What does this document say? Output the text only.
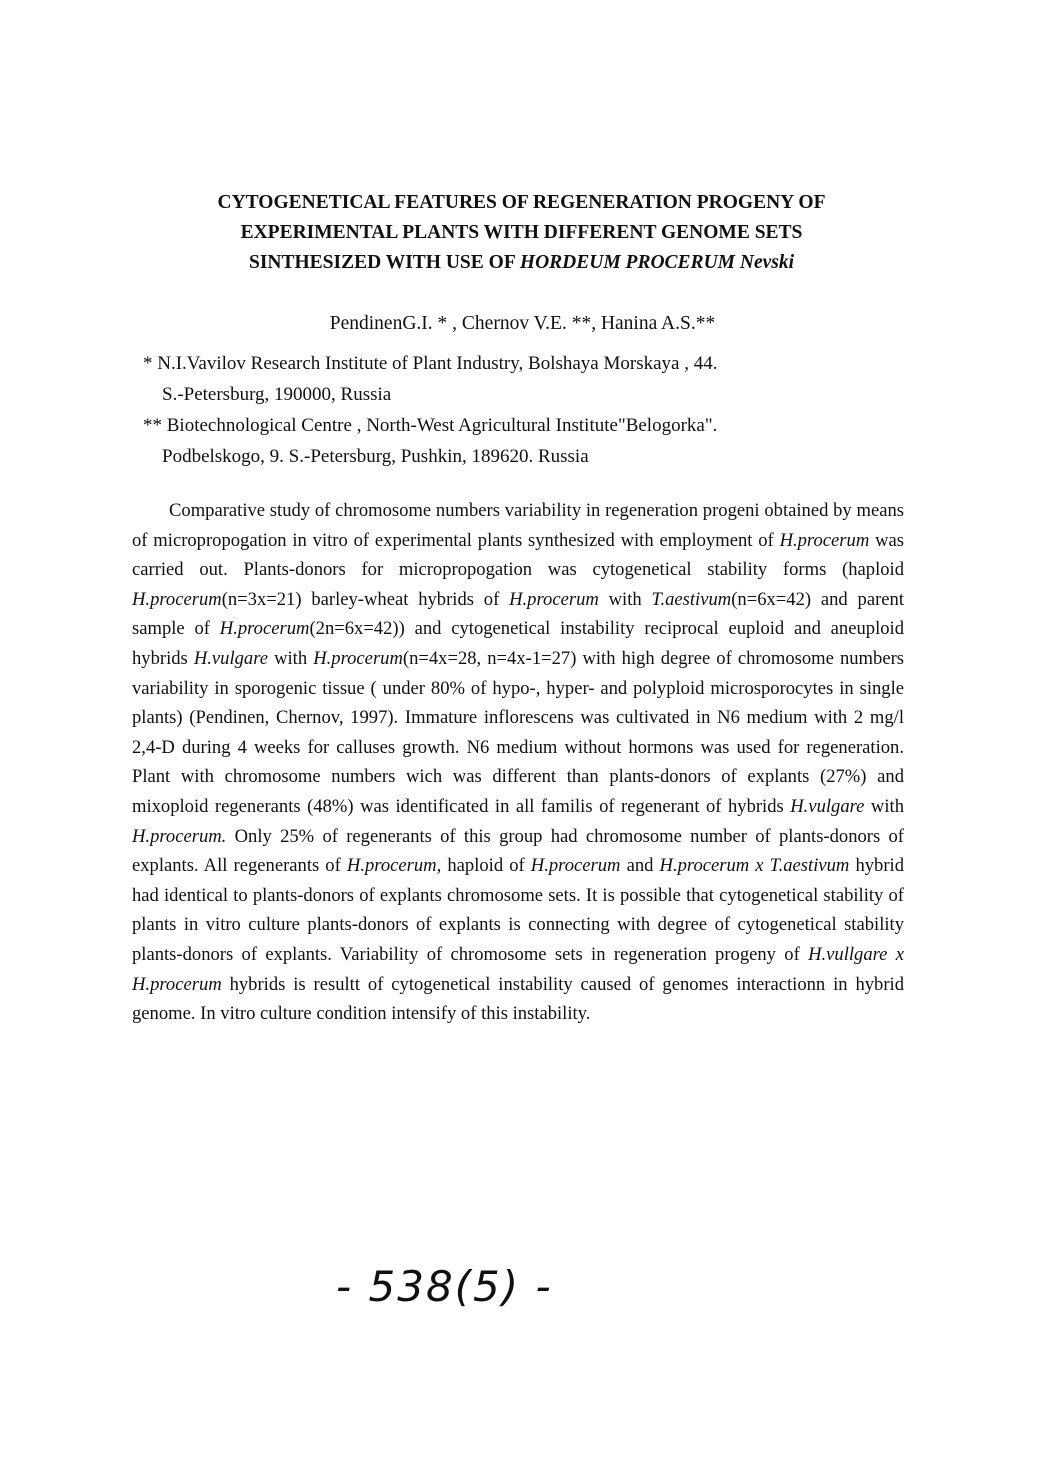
CYTOGENETICAL FEATURES OF REGENERATION PROGENY OF
EXPERIMENTAL PLANTS WITH DIFFERENT GENOME SETS
SINTHESIZED WITH USE OF HORDEUM PROCERUM Nevski
PendinenG.I. * , Chernov V.E. **, Hanina A.S.**
* N.I.Vavilov Research Institute of Plant Industry, Bolshaya Morskaya , 44.
S.-Petersburg, 190000, Russia
** Biotechnological Centre , North-West Agricultural Institute"Belogorka".
Podbelskogo, 9. S.-Petersburg, Pushkin, 189620. Russia
Comparative study of chromosome numbers variability in regeneration progeni obtained by means of micropropogation in vitro of experimental plants synthesized with employment of H.procerum was carried out. Plants-donors for micropropogation was cytogenetical stability forms (haploid H.procerum(n=3x=21) barley-wheat hybrids of H.procerum with T.aestivum(n=6x=42) and parent sample of H.procerum(2n=6x=42)) and cytogenetical instability reciprocal euploid and aneuploid hybrids H.vulgare with H.procerum(n=4x=28, n=4x-1=27) with high degree of chromosome numbers variability in sporogenic tissue ( under 80% of hypo-, hyper- and polyploid microsporocytes in single plants) (Pendinen, Chernov, 1997). Immature inflorescens was cultivated in N6 medium with 2 mg/l 2,4-D during 4 weeks for calluses growth. N6 medium without hormons was used for regeneration. Plant with chromosome numbers wich was different than plants-donors of explants (27%) and mixoploid regenerants (48%) was identificated in all familis of regenerant of hybrids H.vulgare with H.procerum. Only 25% of regenerants of this group had chromosome number of plants-donors of explants. All regenerants of H.procerum, haploid of H.procerum and H.procerum x T.aestivum hybrid had identical to plants-donors of explants chromosome sets. It is possible that cytogenetical stability of plants in vitro culture plants-donors of explants is connecting with degree of cytogenetical stability plants-donors of explants. Variability of chromosome sets in regeneration progeny of H.vullgare x H.procerum hybrids is resultt of cytogenetical instability caused of genomes interactionn in hybrid genome. In vitro culture condition intensify of this instability.
- 538(5) -
